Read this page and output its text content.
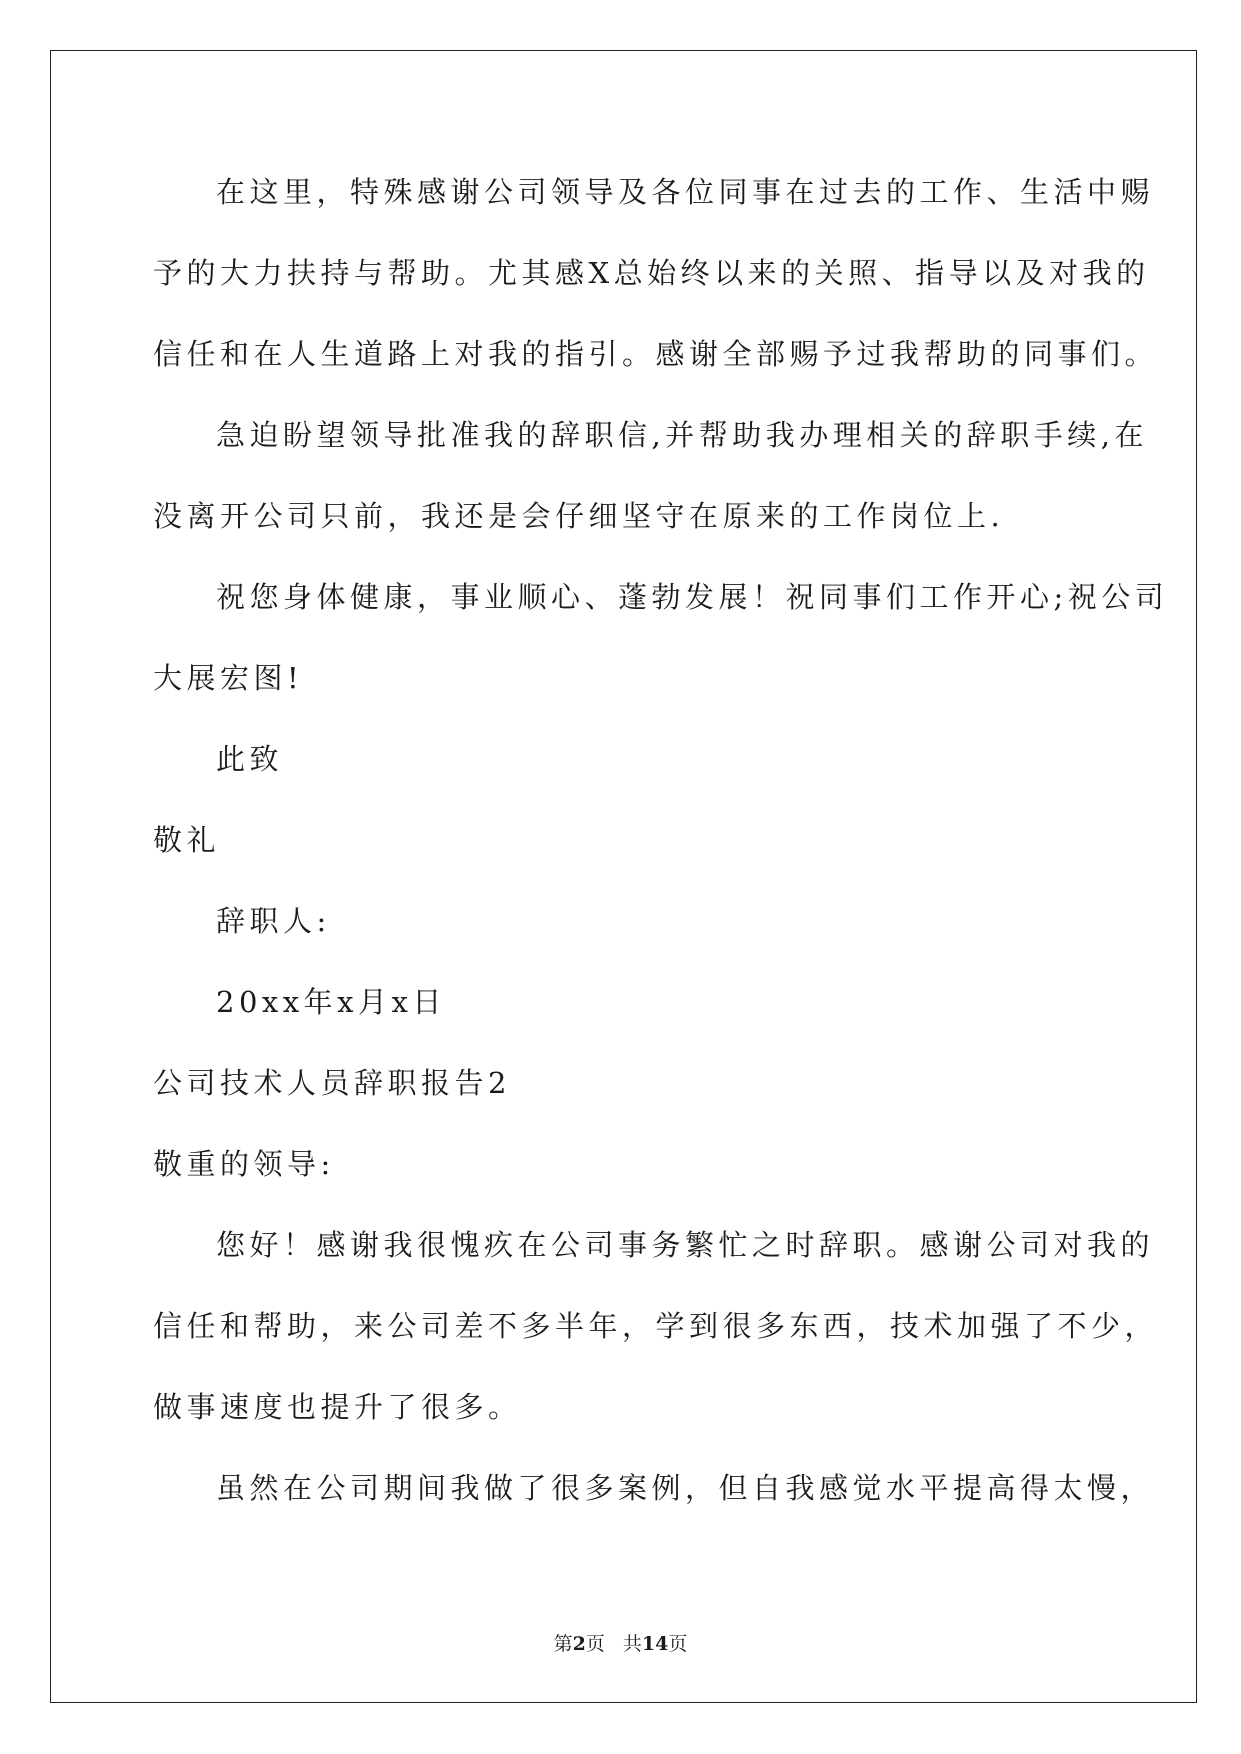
在这里，特殊感谢公司领导及各位同事在过去的工作、生活中赐
予的大力扶持与帮助。尤其感X总始终以来的关照、指导以及对我的
信任和在人生道路上对我的指引。感谢全部赐予过我帮助的同事们。
急迫盼望领导批准我的辞职信,并帮助我办理相关的辞职手续,在
没离开公司只前，我还是会仔细坚守在原来的工作岗位上.
祝您身体健康，事业顺心、蓬勃发展！祝同事们工作开心;祝公司
大展宏图!
此致
敬礼
辞职人:
20xx年x月x日
公司技术人员辞职报告2
敬重的领导:
您好！感谢我很愧疚在公司事务繁忙之时辞职。感谢公司对我的
信任和帮助，来公司差不多半年，学到很多东西，技术加强了不少，
做事速度也提升了很多。
虽然在公司期间我做了很多案例，但自我感觉水平提高得太慢，
第2页 共14页
